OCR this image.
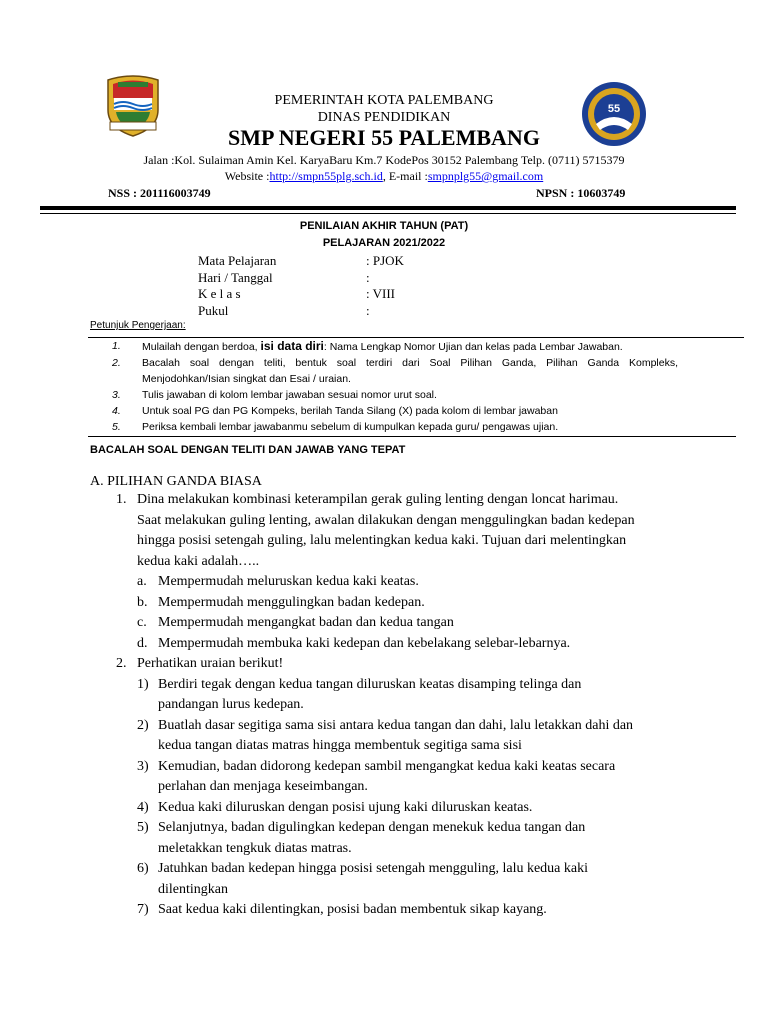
PEMERINTAH KOTA PALEMBANG
DINAS PENDIDIKAN
SMP NEGERI 55 PALEMBANG
55
Jalan :Kol. Sulaiman Amin Kel. KaryaBaru Km.7 KodePos 30152 Palembang Telp. (0711) 5715379
Website :http://smpn55plg.sch.id, E-mail :smpnplg55@gmail.com
NSS : 201116003749	NPSN : 10603749
PENILAIAN AKHIR TAHUN (PAT)
PELAJARAN 2021/2022
Mata Pelajaran	: PJOK
Hari / Tanggal	:
K e l a s	: VIII
Pukul	:
Petunjuk Pengerjaan:
1.	Mulailah dengan berdoa, isi data diri: Nama Lengkap Nomor Ujian dan kelas pada Lembar Jawaban.
2.	Bacalah soal dengan teliti, bentuk soal terdiri dari Soal Pilihan Ganda, Pilihan Ganda Kompleks, Menjodohkan/Isian singkat dan Esai / uraian.
3.	Tulis jawaban di kolom lembar jawaban sesuai nomor urut soal.
4.	Untuk soal PG dan PG Kompeks, berilah Tanda Silang (X) pada kolom di lembar jawaban
5.	Periksa kembali lembar jawabanmu sebelum di kumpulkan kepada guru/ pengawas ujian.
BACALAH SOAL DENGAN TELITI DAN JAWAB YANG TEPAT
A. PILIHAN GANDA BIASA
1. Dina melakukan kombinasi keterampilan gerak guling lenting dengan loncat harimau.
Saat melakukan guling lenting, awalan dilakukan dengan menggulingkan badan kedepan
hingga posisi setengah guling, lalu melentingkan kedua kaki. Tujuan dari melentingkan
kedua kaki adalah…..
a. Mempermudah meluruskan kedua kaki keatas.
b. Mempermudah menggulingkan badan kedepan.
c. Mempermudah mengangkat badan dan kedua tangan
d. Mempermudah membuka kaki kedepan dan kebelakang selebar-lebarnya.
2. Perhatikan uraian berikut!
1) Berdiri tegak dengan kedua tangan diluruskan keatas disamping telinga dan
pandangan lurus kedepan.
2) Buatlah dasar segitiga sama sisi antara kedua tangan dan dahi, lalu letakkan dahi dan
kedua tangan diatas matras hingga membentuk segitiga sama sisi
3) Kemudian, badan didorong kedepan sambil mengangkat kedua kaki keatas secara
perlahan dan menjaga keseimbangan.
4) Kedua kaki diluruskan dengan posisi ujung kaki diluruskan keatas.
5) Selanjutnya, badan digulingkan kedepan dengan menekuk kedua tangan dan
meletakkan tengkuk diatas matras.
6) Jatuhkan badan kedepan hingga posisi setengah mengguling, lalu kedua kaki
dilentingkan
7) Saat kedua kaki dilentingkan, posisi badan membentuk sikap kayang.
